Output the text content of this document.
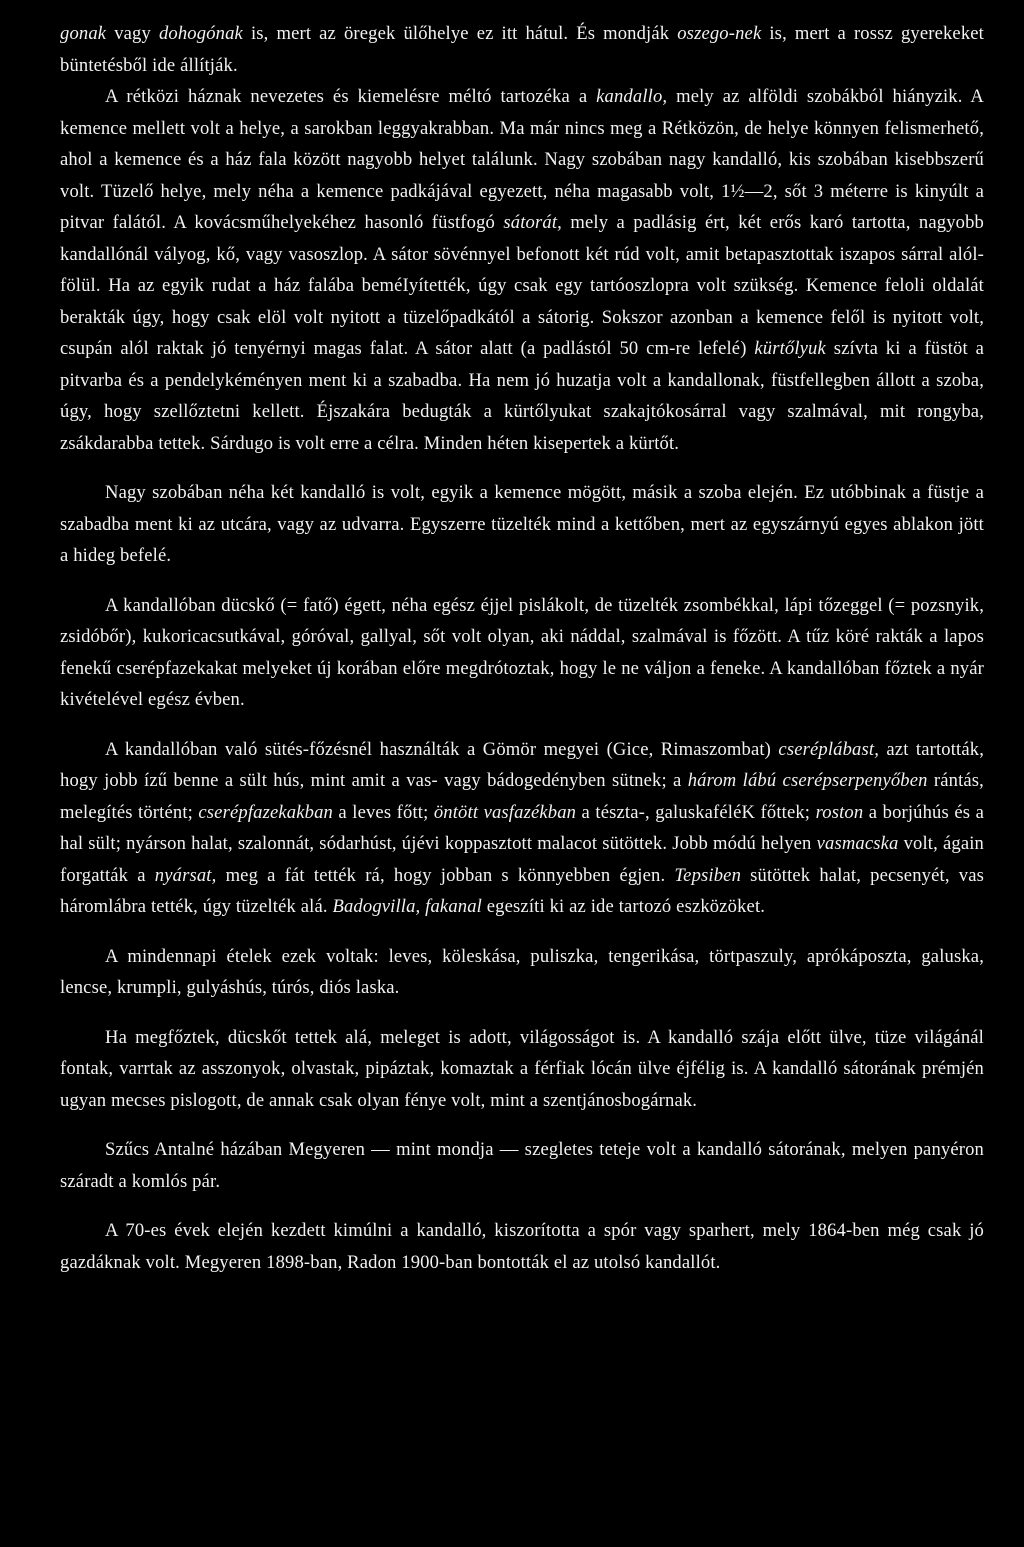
gonak vagy dohogónak is, mert az öregek ülőhelye ez itt hátul. És mondják oszego-nek is, mert a rossz gyerekeket büntetésből ide állítják.

A rétközi háznak nevezetes és kiemelésre méltó tartozéka a kandallo, mely az alföldi szobákból hiányzik. A kemence mellett volt a helye, a sarokban leggyakrabban. Ma már nincs meg a Rétközön, de helye könnyen felismerhető, ahol a kemence és a ház fala között nagyobb helyet találunk. Nagy szobában nagy kandalló, kis szobában kisebbszerű volt. Tüzelő helye, mely néha a kemence padkájával egyezett, néha magasabb volt, 1½—2, sőt 3 méterre is kinyúlt a pitvar falától. A kovácsműhelyekéhez hasonló füstfogó sátorát, mely a padlásig ért, két erős karó tartotta, nagyobb kandallónál vályog, kő, vagy vasoszlop. A sátor sövénnyel befonott két rúd volt, amit betapasztottak iszapos sárral alól-fölül. Ha az egyik rudat a ház falába beméIyítették, úgy csak egy tartóoszlopra volt szükség. Kemence feloli oldalát berakták úgy, hogy csak elöl volt nyitott a tüzelőpadkától a sátorig. Sokszor azonban a kemence felől is nyitott volt, csupán alól raktak jó tenyérnyi magas falat. A sátor alatt (a padlástól 50 cm-re lefelé) kürtőlyuk szívta ki a füstöt a pitvarba és a pendelykéményen ment ki a szabadba. Ha nem jó huzatja volt a kandallonak, füstfellegben állott a szoba, úgy, hogy szellőztetni kellett. Éjszakára bedugták a kürtőlyukat szakajtókosárral vagy szalmával, mit rongyba, zsákdarabba tettek. Sárdugo is volt erre a célra. Minden héten kisepertek a kürtőt.

Nagy szobában néha két kandalló is volt, egyik a kemence mögött, másik a szoba elején. Ez utóbbinak a füstje a szabadba ment ki az utcára, vagy az udvarra. Egyszerre tüzelték mind a kettőben, mert az egyszárnyú egyes ablakon jött a hideg befelé.

A kandallóban dücskő (= fatő) égett, néha egész éjjel pislákolt, de tüzelték zsombékkal, lápi tőzeggel (= pozsnyik, zsidóbőr), kukoricacsutkával, góróval, gallyal, sőt volt olyan, aki náddal, szalmával is főzött. A tűz köré rakták a lapos fenekű cserépfazekakat melyeket új korában előre megdrótoztak, hogy le ne váljon a feneke. A kandallóban főztek a nyár kivételével egész évben.

A kandallóban való sütés-főzésnél használták a Gömör megyei (Gice, Rimaszombat) cseréplábast, azt tartották, hogy jobb ízű benne a sült hús, mint amit a vas- vagy bádogedényben sütnek; a három lábú cserépserpenyőben rántás, melegítés történt; cserépfazekakban a leves főtt; öntött vasfazékban a tészta-, galuskaféléK főttek; roston a borjúhús és a hal sült; nyárson halat, szalonnát, sódarhúst, újévi koppasztott malacot sütöttek. Jobb módú helyen vasmacska volt, ágain forgatták a nyársat, meg a fát tették rá, hogy jobban s könnyebben égjen. Tepsiben sütöttek halat, pecsenyét, vas háromlábra tették, úgy tüzelték alá. Badogvilla, fakanal egeszíti ki az ide tartozó eszközöket.

A mindennapi ételek ezek voltak: leves, köleskása, puliszka, tengerikása, törtpaszuly, aprókáposzta, galuska, lencse, krumpli, gulyáshús, túrós, diós laska.

Ha megfőztek, dücskőt tettek alá, meleget is adott, világosságot is. A kandalló szája előtt ülve, tüze világánál fontak, varrtak az asszonyok, olvastak, pipáztak, komaztak a férfiak lócán ülve éjfélig is. A kandalló sátorának prémjén ugyan mecses pislogott, de annak csak olyan fénye volt, mint a szentjánosbogárnak.

Szűcs Antalné házában Megyeren — mint mondja — szegletes teteje volt a kandalló sátorának, melyen panyéron száradt a komlós pár.

A 70-es évek elején kezdett kimúlni a kandalló, kiszorította a spór vagy sparhert, mely 1864-ben még csak jó gazdáknak volt. Megyeren 1898-ban, Radon 1900-ban bontották el az utolsó kandallót.
